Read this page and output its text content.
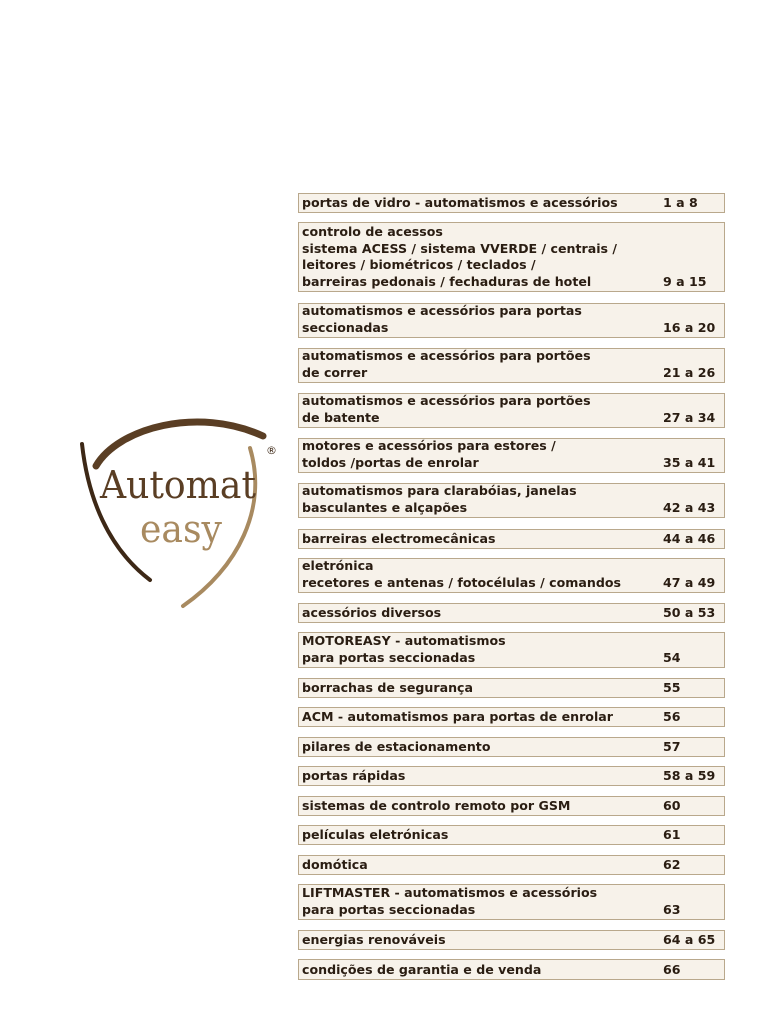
Automat
easy
®
portas de vidro - automatismos e acessórios	1 a 8
controlo de acessos
sistema ACESS / sistema VVERDE / centrais /
leitores / biométricos / teclados /
barreiras pedonais / fechaduras de hotel	9 a 15
automatismos e acessórios para portas
seccionadas	16 a 20
automatismos e acessórios para portões
de correr	21 a 26
automatismos e acessórios para portões
de batente	27 a 34
motores e acessórios para estores /
toldos /portas de enrolar	35 a 41
automatismos para clarabóias, janelas
basculantes e alçapões	42 a 43
barreiras electromecânicas	44 a 46
eletrónica
recetores e antenas / fotocélulas / comandos	47 a 49
acessórios diversos	50 a 53
MOTOREASY - automatismos
para portas seccionadas	54
borrachas de segurança	55
ACM - automatismos para portas de enrolar	56
pilares de estacionamento	57
portas rápidas	58 a 59
sistemas de controlo remoto por GSM	60
películas eletrónicas	61
domótica	62
LIFTMASTER - automatismos e acessórios
para portas seccionadas	63
energias renováveis	64 a 65
condições de garantia e de venda	66
